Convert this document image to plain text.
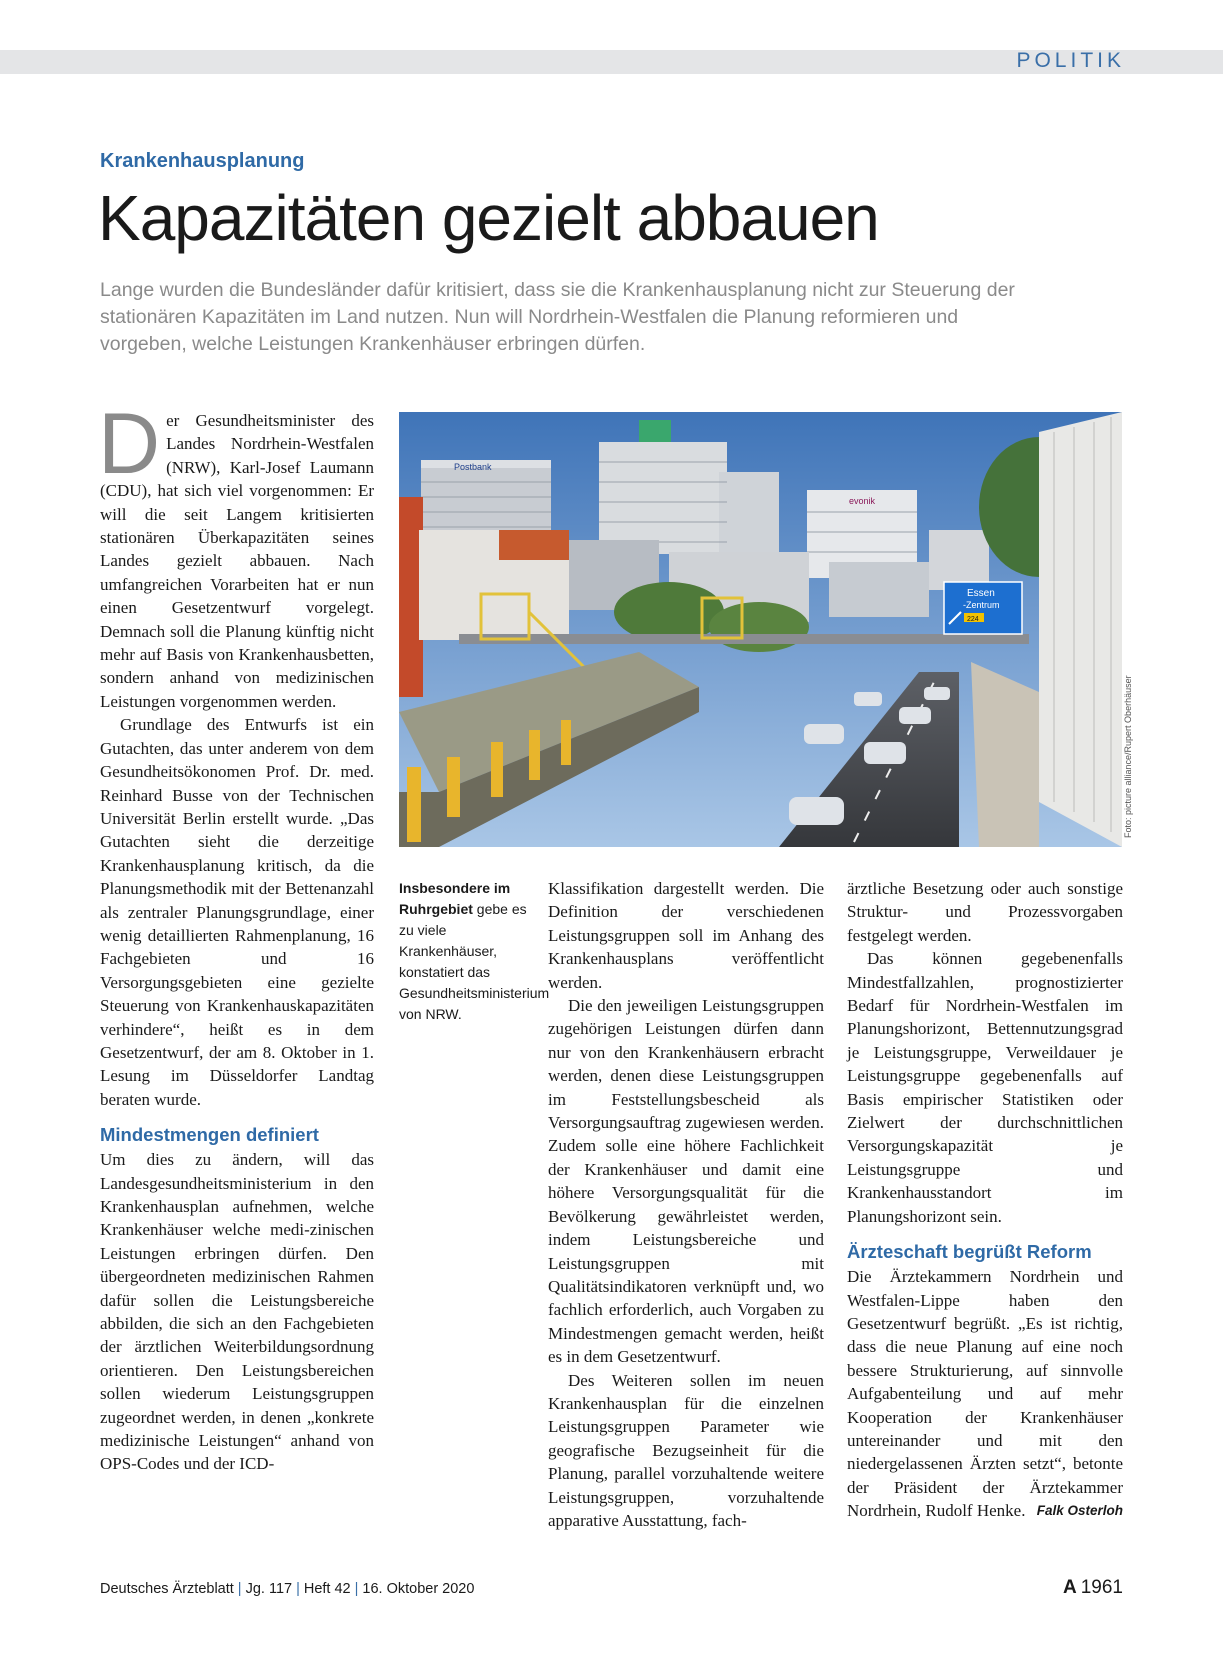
POLITIK
Krankenhausplanung
Kapazitäten gezielt abbauen
Lange wurden die Bundesländer dafür kritisiert, dass sie die Krankenhausplanung nicht zur Steuerung der stationären Kapazitäten im Land nutzen. Nun will Nordrhein-Westfalen die Planung reformieren und vorgeben, welche Leistungen Krankenhäuser erbringen dürfen.

Der Gesundheitsminister des Landes Nordrhein-Westfalen (NRW), Karl-Josef Laumann (CDU), hat sich viel vorgenommen: Er will die seit Langem kritisierten stationären Überkapazitäten seines Landes gezielt abbauen. Nach umfangreichen Vorarbeiten hat er nun einen Gesetzentwurf vorgelegt. Demnach soll die Planung künftig nicht mehr auf Basis von Krankenhausbetten, sondern anhand von medizinischen Leistungen vorgenommen werden.

Grundlage des Entwurfs ist ein Gutachten, das unter anderem von dem Gesundheitsökonomen Prof. Dr. med. Reinhard Busse von der Technischen Universität Berlin erstellt wurde. „Das Gutachten sieht die derzeitige Krankenhausplanung kritisch, da die Planungsmethodik mit der Bettenanzahl als zentraler Planungsgrundlage, einer wenig detaillierten Rahmenplanung, 16 Fachgebieten und 16 Versorgungsgebieten eine gezielte Steuerung von Krankenhauskapazitäten verhindere“, heißt es in dem Gesetzentwurf, der am 8. Oktober in 1. Lesung im Düsseldorfer Landtag beraten wurde.

Mindestmengen definiert

Um dies zu ändern, will das Landesgesundheitsministerium in den Krankenhausplan aufnehmen, welche Krankenhäuser welche medi-zinischen Leistungen erbringen dürfen. Den übergeordneten medizinischen Rahmen dafür sollen die Leistungsbereiche abbilden, die sich an den Fachgebieten der ärztlichen Weiterbildungsordnung orientieren. Den Leistungsbereichen sollen wiederum Leistungsgruppen zugeordnet werden, in denen „konkrete medizinische Leistungen“ anhand von OPS-Codes und der ICD-

Postbank
evonik
Essen
-Zentrum
224
Foto: picture alliance/Rupert Oberhäuser
Insbesondere im Ruhrgebiet gebe es zu viele Krankenhäuser, konstatiert das Gesundheitsministerium von NRW.

Klassifikation dargestellt werden. Die Definition der verschiedenen Leistungsgruppen soll im Anhang des Krankenhausplans veröffentlicht werden.

Die den jeweiligen Leistungsgruppen zugehörigen Leistungen dürfen dann nur von den Krankenhäusern erbracht werden, denen diese Leistungsgruppen im Feststellungsbescheid als Versorgungsauftrag zugewiesen werden. Zudem solle eine höhere Fachlichkeit der Krankenhäuser und damit eine höhere Versorgungsqualität für die Bevölkerung gewährleistet werden, indem Leistungsbereiche und Leistungsgruppen mit Qualitätsindikatoren verknüpft und, wo fachlich erforderlich, auch Vorgaben zu Mindestmengen gemacht werden, heißt es in dem Gesetzentwurf.

Des Weiteren sollen im neuen Krankenhausplan für die einzelnen Leistungsgruppen Parameter wie geografische Bezugseinheit für die Planung, parallel vorzuhaltende weitere Leistungsgruppen, vorzuhaltende apparative Ausstattung, fach-

ärztliche Besetzung oder auch sonstige Struktur- und Prozessvorgaben festgelegt werden.

Das können gegebenenfalls Mindestfallzahlen, prognostizierter Bedarf für Nordrhein-Westfalen im Planungshorizont, Bettennutzungsgrad je Leistungsgruppe, Verweildauer je Leistungsgruppe gegebenenfalls auf Basis empirischer Statistiken oder Zielwert der durchschnittlichen Versorgungskapazität je Leistungsgruppe und Krankenhausstandort im Planungshorizont sein.

Ärzteschaft begrüßt Reform

Die Ärztekammern Nordrhein und Westfalen-Lippe haben den Gesetzentwurf begrüßt. „Es ist richtig, dass die neue Planung auf eine noch bessere Strukturierung, auf sinnvolle Aufgabenteilung und auf mehr Kooperation der Krankenhäuser untereinander und mit den niedergelassenen Ärzten setzt“, betonte der Präsident der Ärztekammer Nordrhein, Rudolf Henke. Falk Osterloh

Deutsches Ärzteblatt | Jg. 117 | Heft 42 | 16. Oktober 2020	A 1961
